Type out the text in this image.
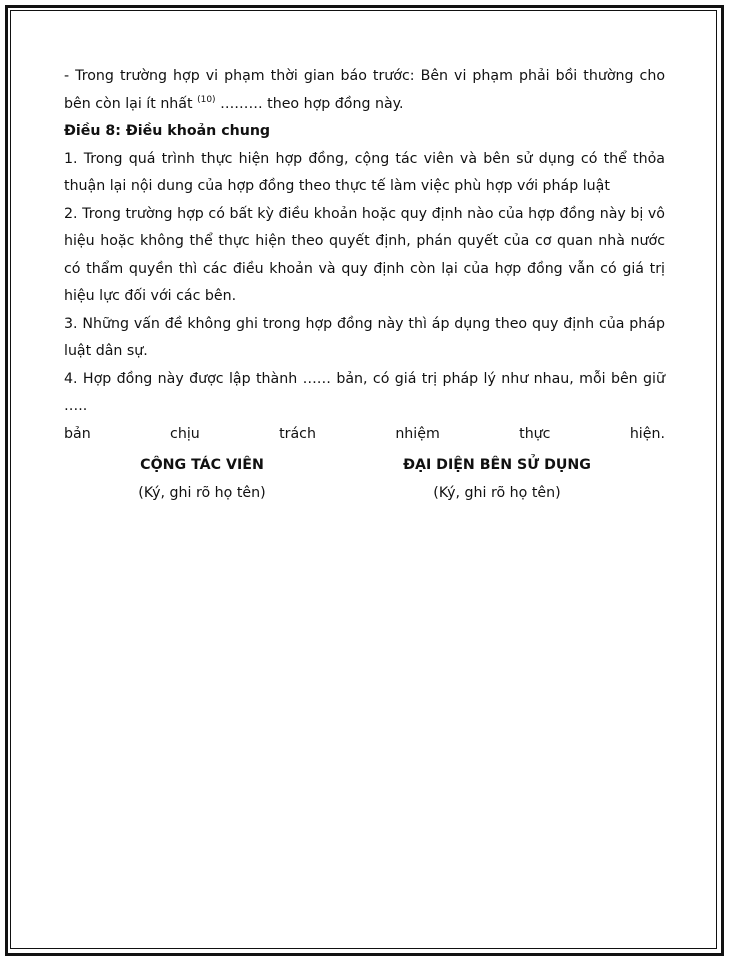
- Trong trường hợp vi phạm thời gian báo trước: Bên vi phạm phải bồi thường cho bên còn lại ít nhất $^{(10)}$ ……… theo hợp đồng này.

Điều 8: Điều khoản chung

1. Trong quá trình thực hiện hợp đồng, cộng tác viên và bên sử dụng có thể thỏa thuận lại nội dung của hợp đồng theo thực tế làm việc phù hợp với pháp luật

2. Trong trường hợp có bất kỳ điều khoản hoặc quy định nào của hợp đồng này bị vô hiệu hoặc không thể thực hiện theo quyết định, phán quyết của cơ quan nhà nước có thẩm quyền thì các điều khoản và quy định còn lại của hợp đồng vẫn có giá trị hiệu lực đối với các bên.

3. Những vấn đề không ghi trong hợp đồng này thì áp dụng theo quy định của pháp luật dân sự.

4. Hợp đồng này được lập thành …… bản, có giá trị pháp lý như nhau, mỗi bên giữ …..

bản	chịu	trách	nhiệm	thực	hiện.
CỘNG TÁC VIÊN
(Ký, ghi rõ họ tên)
ĐẠI DIỆN BÊN SỬ DỤNG
(Ký, ghi rõ họ tên)
